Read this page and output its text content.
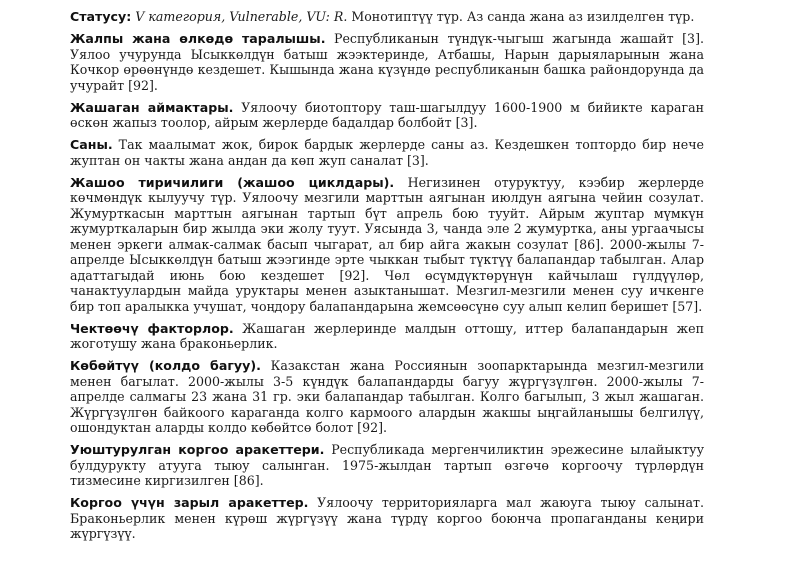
Статусу: V категория, Vulnerable, VU: R. Монотиптүү түр. Аз санда жана аз изилделген түр.

Жалпы жана өлкөдө таралышы. Республиканын түндүк-чыгыш жагында жашайт [3]. Уялоо учурунда Ысыккөлдүн батыш жээктеринде, Атбашы, Нарын дарыяларынын жана Кочкор өрөөнүндө кездешет. Кышында жана күзүндө республиканын башка райондорунда да учурайт [92].

Жашаган аймактары. Уялоочу биотоптору таш-шагылдуу 1600-1900 м бийикте караган өскөн жапыз тоолор, айрым жерлерде бадалдар болбойт [3].

Саны. Так маалымат жок, бирок бардык жерлерде саны аз. Кездешкен топтордо бир нече жуптан он чакты жана андан да көп жуп саналат [3].

Жашоо тиричилиги (жашоо циклдары). Негизинен отуруктуу, кээбир жерлерде көчмөндүк кылуучу түр. Уялоочу мезгили марттын аягынан июлдун аягына чейин созулат. Жумурткасын марттын аягынан тартып бүт апрель бою тууйт. Айрым жуптар мүмкүн жумурткаларын бир жылда эки жолу туут. Уясында 3, чанда эле 2 жумуртка, аны ургаачысы менен эркеги алмак-салмак басып чыгарат, ал бир айга жакын созулат [86]. 2000-жылы 7-апрелде Ысыккөлдүн батыш жээгинде эрте чыккан тыбыт түктүү балапандар табылган. Алар адаттагыдай июнь бою кездешет [92]. Чөл өсүмдүктөрүнүн кайчылаш гүлдүүлөр, чанактуулардын майда уруктары менен азыктанышат. Мезгил-мезгили менен суу ичкенге бир топ аралыкка учушат, чоңдору балапандарына жемсөөсүнө суу алып келип беришет [57].

Чектөөчү факторлор. Жашаган жерлеринде малдын оттошу, иттер балапандарын жеп жоготушу жана браконьерлик.

Көбөйтүү (колдо багуу). Казакстан жана Россиянын зоопарктарында мезгил-мезгили менен багылат. 2000-жылы 3-5 күндүк балапандарды багуу жүргүзүлгөн. 2000-жылы 7-апрелде салмагы 23 жана 31 гр. эки балапандар табылган. Колго багылып, 3 жыл жашаган. Жүргүзүлгөн байкоого караганда колго кармоого алардын жакшы ыңгайланышы белгилүү, ошондуктан аларды колдо көбөйтсө болот [92].

Уюштурулган коргоо аракеттери. Республикада мергенчиликтин эрежесине ылайыктуу булдурукту атууга тыюу салынган. 1975-жылдан тартып өзгөчө коргоочу түрлөрдүн тизмесине киргизилген [86].

Коргоо үчүн зарыл аракеттер. Уялоочу территорияларга мал жаюуга тыюу салынат. Браконьерлик менен күрөш жүргүзүү жана түрдү коргоо боюнча пропаганданы кеңири жүргүзүү.
